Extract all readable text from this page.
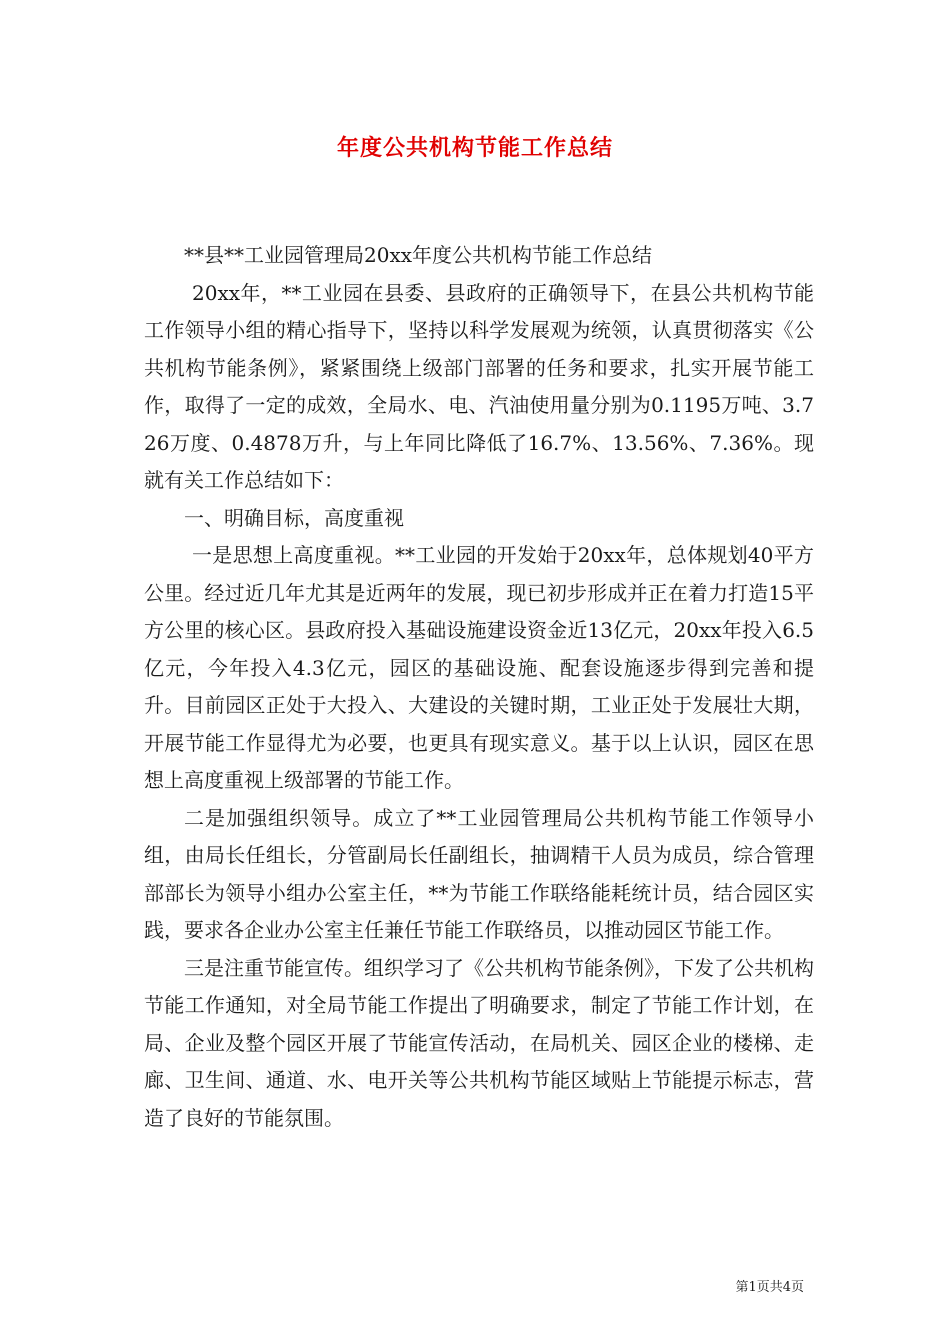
年度公共机构节能工作总结

**县**工业园管理局20xx年度公共机构节能工作总结

20xx年，**工业园在县委、县政府的正确领导下，在县公共机构节能工作领导小组的精心指导下，坚持以科学发展观为统领，认真贯彻落实《公共机构节能条例》，紧紧围绕上级部门部署的任务和要求，扎实开展节能工作，取得了一定的成效，全局水、电、汽油使用量分别为0.1195万吨、3.726万度、0.4878万升，与上年同比降低了16.7%、13.56%、7.36%。现就有关工作总结如下：

一、明确目标，高度重视

一是思想上高度重视。**工业园的开发始于20xx年，总体规划40平方公里。经过近几年尤其是近两年的发展，现已初步形成并正在着力打造15平方公里的核心区。县政府投入基础设施建设资金近13亿元，20xx年投入6.5亿元，今年投入4.3亿元，园区的基础设施、配套设施逐步得到完善和提升。目前园区正处于大投入、大建设的关键时期，工业正处于发展壮大期，开展节能工作显得尤为必要，也更具有现实意义。基于以上认识，园区在思想上高度重视上级部署的节能工作。

二是加强组织领导。成立了**工业园管理局公共机构节能工作领导小组，由局长任组长，分管副局长任副组长，抽调精干人员为成员，综合管理部部长为领导小组办公室主任，**为节能工作联络能耗统计员，结合园区实践，要求各企业办公室主任兼任节能工作联络员，以推动园区节能工作。

三是注重节能宣传。组织学习了《公共机构节能条例》，下发了公共机构节能工作通知，对全局节能工作提出了明确要求，制定了节能工作计划，在局、企业及整个园区开展了节能宣传活动，在局机关、园区企业的楼梯、走廊、卫生间、通道、水、电开关等公共机构节能区域贴上节能提示标志，营造了良好的节能氛围。

第1页共4页
